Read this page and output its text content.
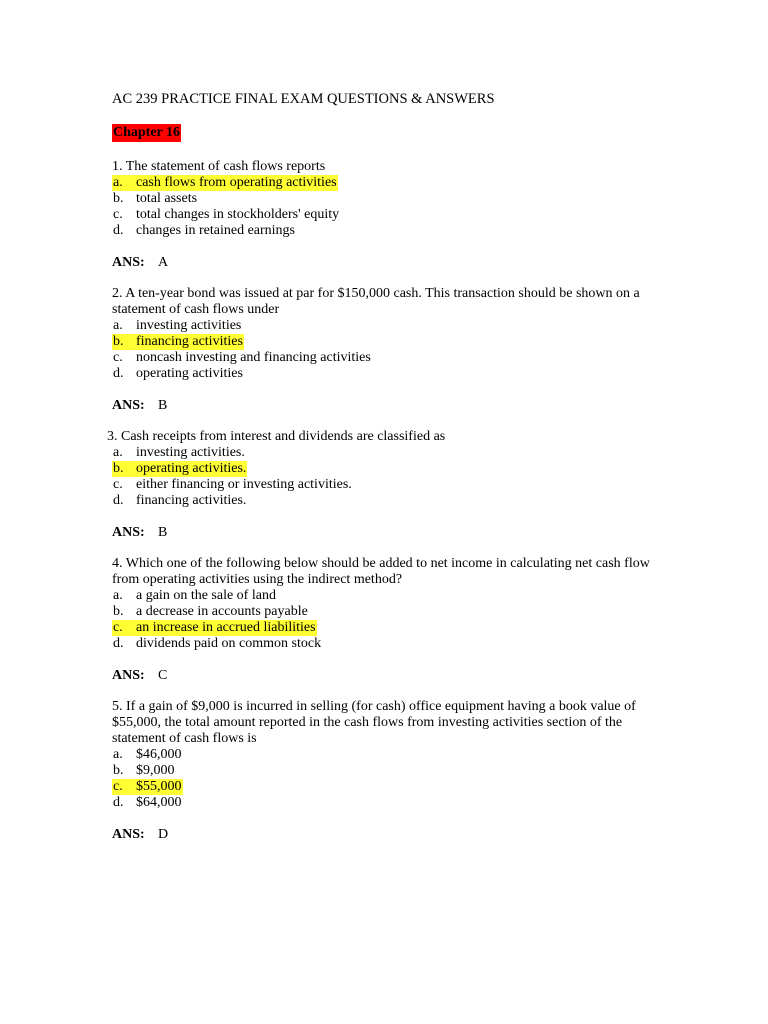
AC 239 PRACTICE FINAL EXAM QUESTIONS & ANSWERS
Chapter 16

1. The statement of cash flows reports

a. cash flows from operating activities
b. total assets
c. total changes in stockholders' equity
d. changes in retained earnings
ANS: A

2. A ten-year bond was issued at par for $150,000 cash. This transaction should be shown on a statement of cash flows under

a. investing activities
b. financing activities
c. noncash investing and financing activities
d. operating activities
ANS: B

3. Cash receipts from interest and dividends are classified as

a. investing activities.
b. operating activities.
c. either financing or investing activities.
d. financing activities.
ANS: B

4. Which one of the following below should be added to net income in calculating net cash flow from operating activities using the indirect method?

a. a gain on the sale of land
b. a decrease in accounts payable
c. an increase in accrued liabilities
d. dividends paid on common stock
ANS: C

5. If a gain of $9,000 is incurred in selling (for cash) office equipment having a book value of $55,000, the total amount reported in the cash flows from investing activities section of the statement of cash flows is

a. $46,000
b. $9,000
c. $55,000
d. $64,000
ANS: D
